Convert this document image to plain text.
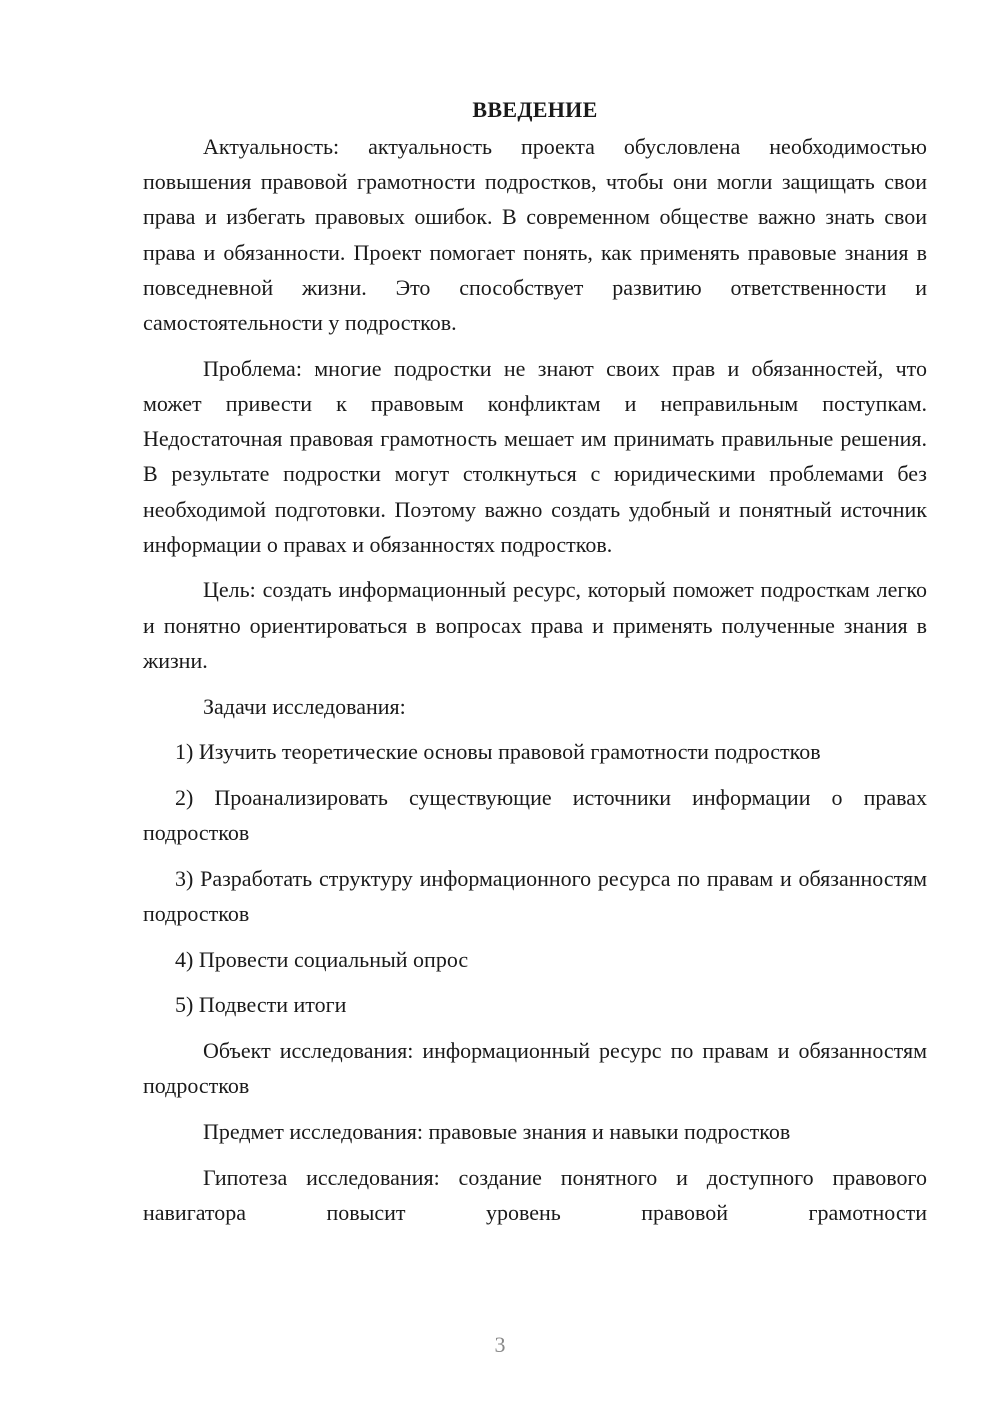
ВВЕДЕНИЕ

Актуальность: актуальность проекта обусловлена необходимостью повышения правовой грамотности подростков, чтобы они могли защищать свои права и избегать правовых ошибок. В современном обществе важно знать свои права и обязанности. Проект помогает понять, как применять правовые знания в повседневной жизни. Это способствует развитию ответственности и самостоятельности у подростков.

Проблема: многие подростки не знают своих прав и обязанностей, что может привести к правовым конфликтам и неправильным поступкам. Недостаточная правовая грамотность мешает им принимать правильные решения. В результате подростки могут столкнуться с юридическими проблемами без необходимой подготовки. Поэтому важно создать удобный и понятный источник информации о правах и обязанностях подростков.

Цель: создать информационный ресурс, который поможет подросткам легко и понятно ориентироваться в вопросах права и применять полученные знания в жизни.

Задачи исследования:

1) Изучить теоретические основы правовой грамотности подростков

2) Проанализировать существующие источники информации о правах подростков

3) Разработать структуру информационного ресурса по правам и обязанностям подростков

4) Провести социальный опрос

5) Подвести итоги

Объект исследования: информационный ресурс по правам и обязанностям подростков

Предмет исследования: правовые знания и навыки подростков

Гипотеза исследования: создание понятного и доступного правового навигатора повысит уровень правовой грамотности

3
